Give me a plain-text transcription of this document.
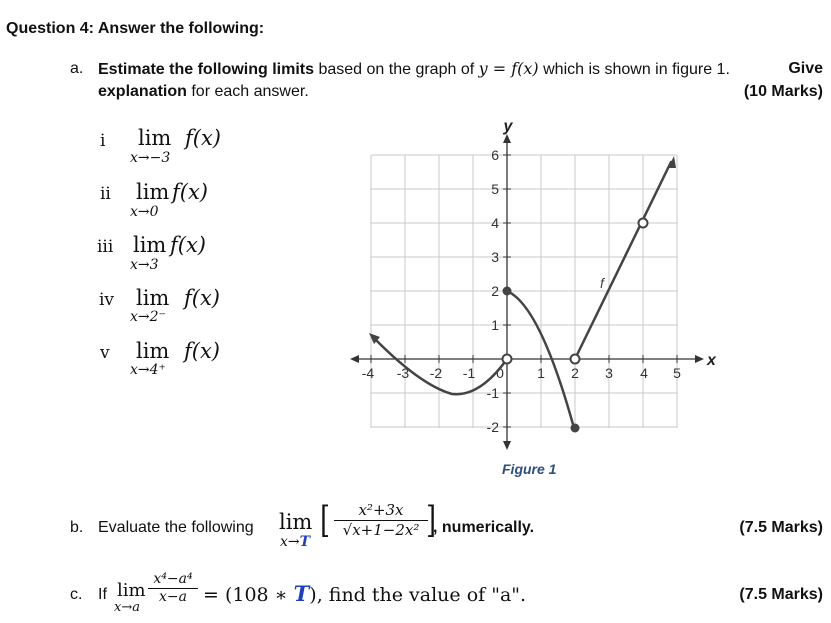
Question 4: Answer the following:
a. Estimate the following limits based on the graph of y = f(x) which is shown in figure 1.	Give
explanation for each answer.	(10 Marks)
i lim f(x)
x→−3
ii lim f(x)
x→0
iii lim f(x)
x→3
iv lim f(x)
x→2⁻
v lim f(x)
x→4⁺	-4 -3 -2 -1 0 1 2 3 4 5
6
5
4
3
2
1
-1
-2
y
x
f
Figure 1
b. Evaluate the following lim
x→T
[ $\frac{\text{x²+3x}}{\text{√x+1−2x²}}$
]
, numerically.	(7.5 Marks)
c. If lim
x→a
$\frac{\text{x⁴−a⁴}}{x-a} = (108$ ∗ T), find the value of "a".	(7.5 Marks)
